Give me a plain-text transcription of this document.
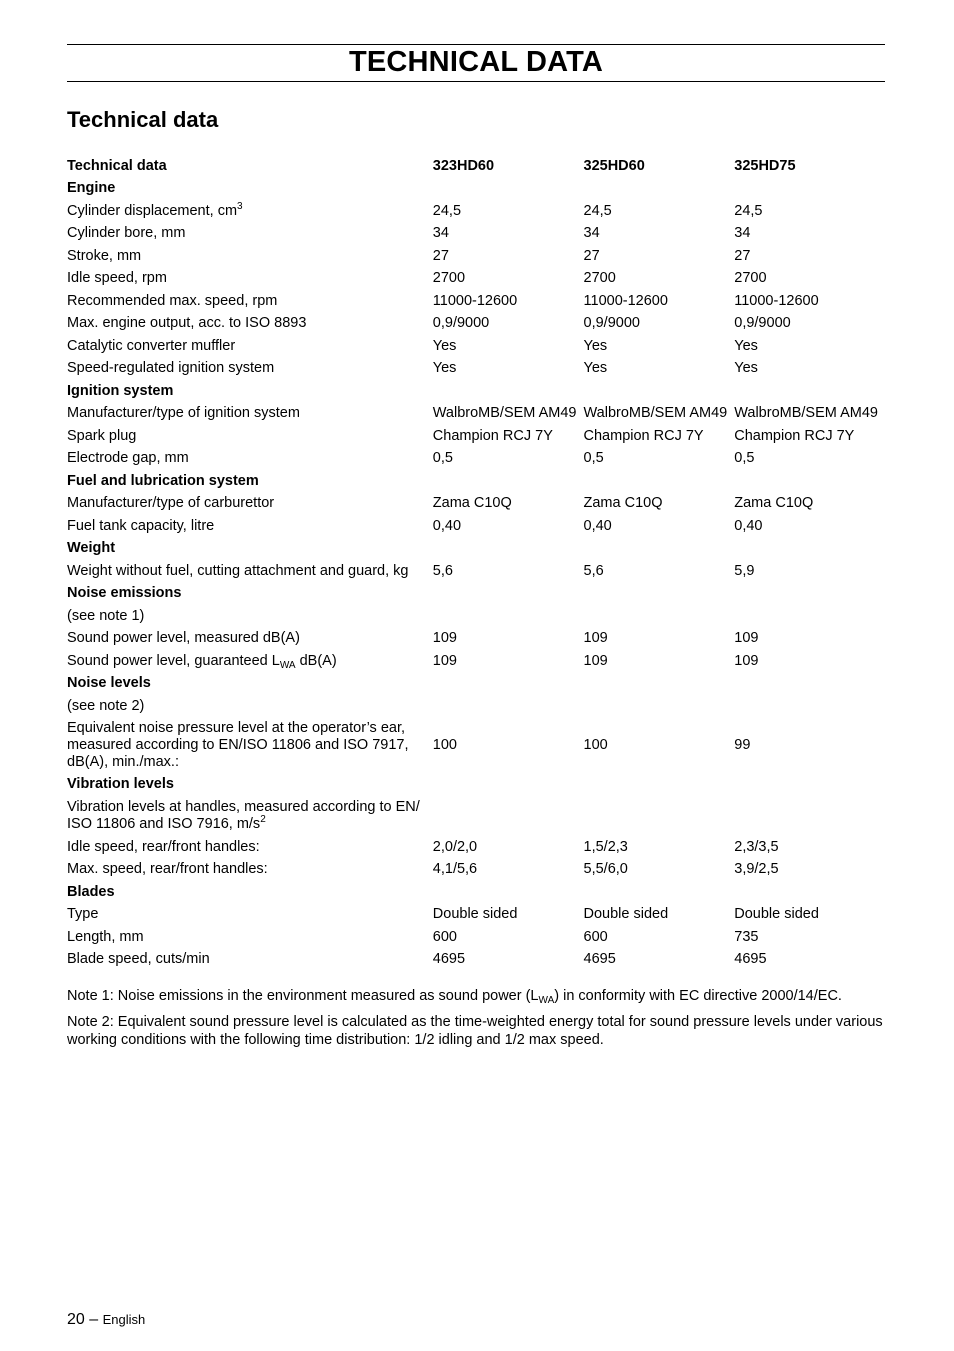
TECHNICAL DATA
Technical data
Technical data	323HD60	325HD60	325HD75
Engine			
Cylinder displacement, $cm^3$	24,5	24,5	24,5
Cylinder bore, mm	34	34	34
Stroke, mm	27	27	27
Idle speed, rpm	2700	2700	2700
Recommended max. speed, rpm	11000-12600	11000-12600	11000-12600
Max. engine output, acc. to ISO 8893	0,9/9000	0,9/9000	0,9/9000
Catalytic converter muffler	Yes	Yes	Yes
Speed-regulated ignition system	Yes	Yes	Yes
Ignition system			
Manufacturer/type of ignition system	WalbroMB/SEM AM49	WalbroMB/SEM AM49	WalbroMB/SEM AM49
Spark plug	Champion RCJ 7Y	Champion RCJ 7Y	Champion RCJ 7Y
Electrode gap, mm	0,5	0,5	0,5
Fuel and lubrication system			
Manufacturer/type of carburettor	Zama C10Q	Zama C10Q	Zama C10Q
Fuel tank capacity, litre	0,40	0,40	0,40
Weight			
Weight without fuel, cutting attachment and guard, kg	5,6	5,6	5,9
Noise emissions			
(see note 1)			
Sound power level, measured dB(A)	109	109	109
Sound power level, guaranteed $L_{WA}$ dB(A)	109	109	109
Noise levels			
(see note 2)			
Equivalent noise pressure level at the operator’s ear, measured according to EN/ISO 11806 and ISO 7917, dB(A), min./max.:	100	100	99
Vibration levels			
Vibration levels at handles, measured according to EN/ ISO 11806 and ISO 7916, $m/s^2$			
Idle speed, rear/front handles:	2,0/2,0	1,5/2,3	2,3/3,5
Max. speed, rear/front handles:	4,1/5,6	5,5/6,0	3,9/2,5
Blades			
Type	Double sided	Double sided	Double sided
Length, mm	600	600	735
Blade speed, cuts/min	4695	4695	4695
Note 1: Noise emissions in the environment measured as sound power $(L_{WA})$ in conformity with EC directive 2000/14/EC.
Note 2: Equivalent sound pressure level is calculated as the time-weighted energy total for sound pressure levels under various working conditions with the following time distribution: 1/2 idling and 1/2 max speed.
20 – English
